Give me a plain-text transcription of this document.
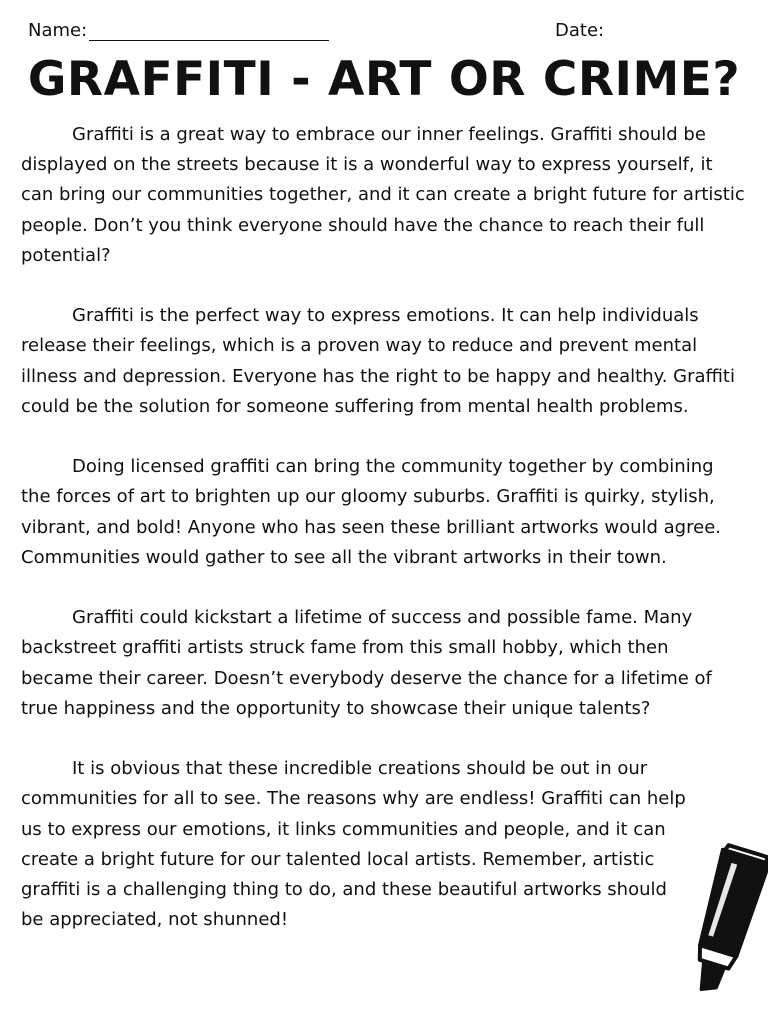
Name:	Date:
GRAFFITI - ART OR CRIME?

Graffiti is a great way to embrace our inner feelings. Graffiti should be displayed on the streets because it is a wonderful way to express yourself, it can bring our communities together, and it can create a bright future for artistic people. Don’t you think everyone should have the chance to reach their full potential?

Graffiti is the perfect way to express emotions. It can help individuals release their feelings, which is a proven way to reduce and prevent mental illness and depression. Everyone has the right to be happy and healthy. Graffiti could be the solution for someone suffering from mental health problems.

Doing licensed graffiti can bring the community together by combining the forces of art to brighten up our gloomy suburbs. Graffiti is quirky, stylish, vibrant, and bold! Anyone who has seen these brilliant artworks would agree. Communities would gather to see all the vibrant artworks in their town.

Graffiti could kickstart a lifetime of success and possible fame. Many backstreet graffiti artists struck fame from this small hobby, which then became their career. Doesn’t everybody deserve the chance for a lifetime of true happiness and the opportunity to showcase their unique talents?

It is obvious that these incredible creations should be out in our communities for all to see. The reasons why are endless! Graffiti can help us to express our emotions, it links communities and people, and it can create a bright future for our talented local artists. Remember, artistic graffiti is a challenging thing to do, and these beautiful artworks should be appreciated, not shunned!
